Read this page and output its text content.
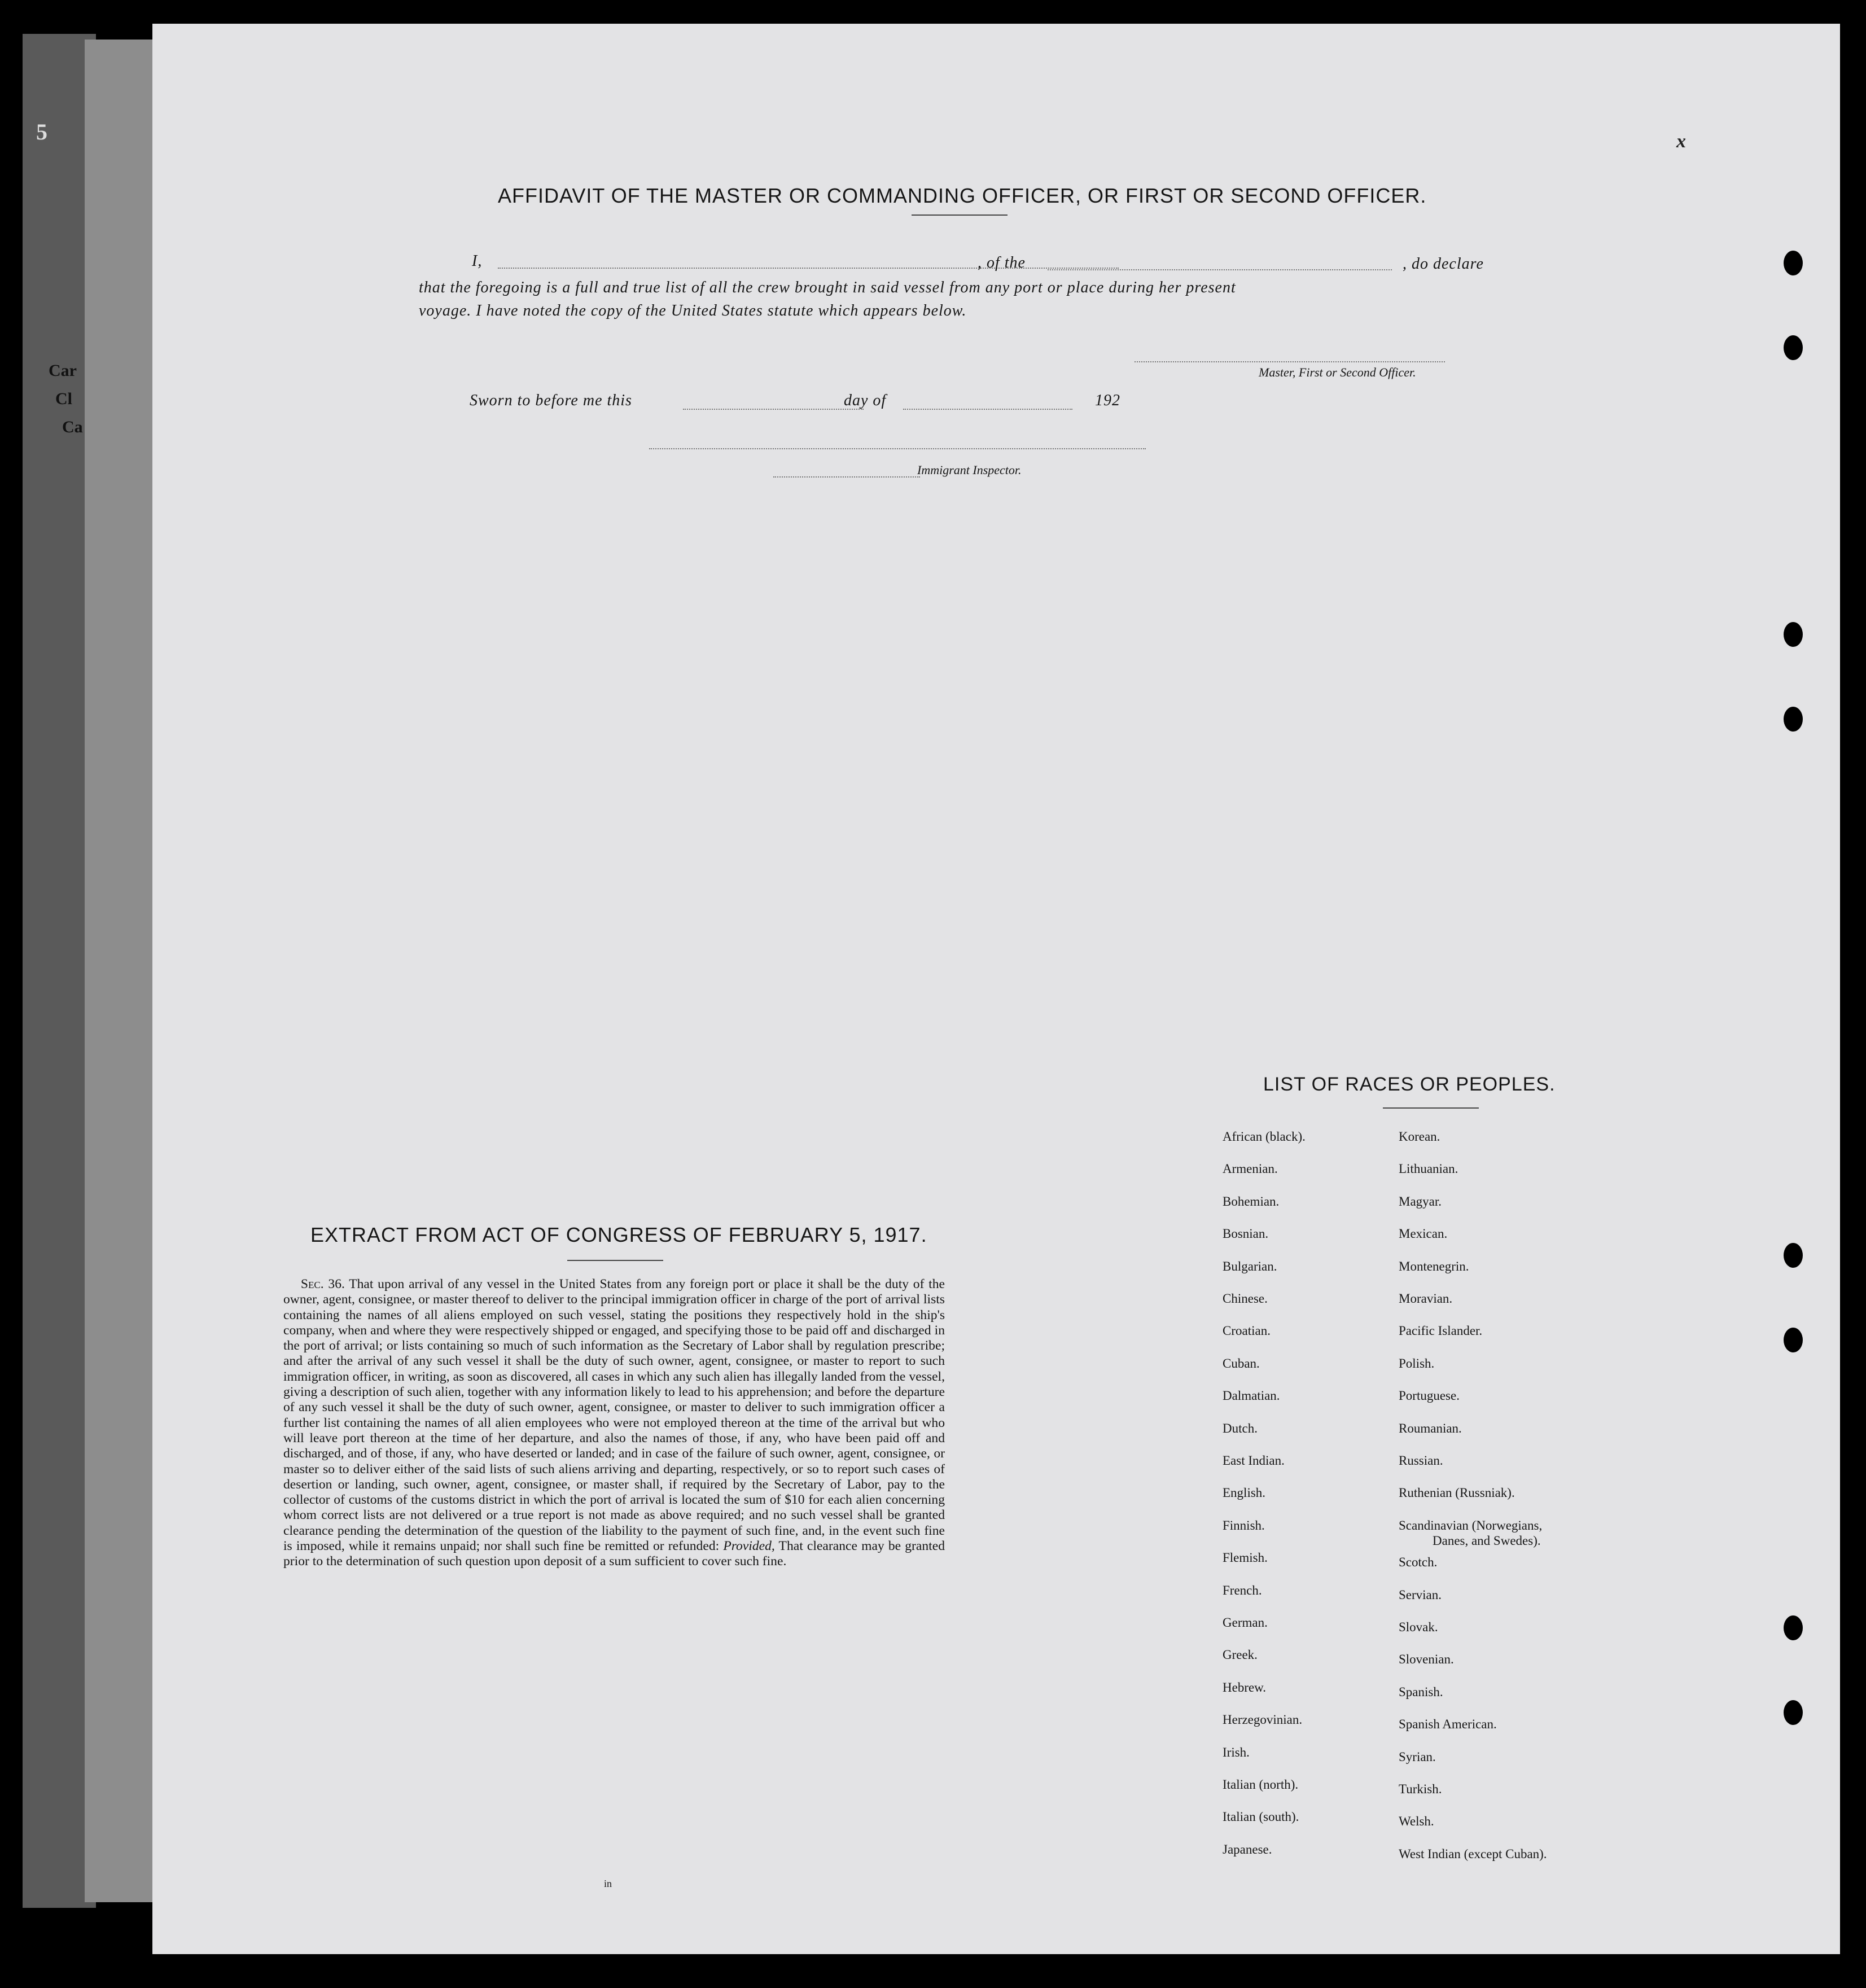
5
Car
Cl
Ca
x
AFFIDAVIT OF THE MASTER OR COMMANDING OFFICER, OR FIRST OR SECOND OFFICER.
I,	, of the	, do declare
that the foregoing is a full and true list of all the crew brought in said vessel from any port or place during her present
voyage. I have noted the copy of the United States statute which appears below.
Master, First or Second Officer.
Sworn to before me this	day of	192
Immigrant Inspector.
EXTRACT FROM ACT OF CONGRESS OF FEBRUARY 5, 1917.
Sec. 36. That upon arrival of any vessel in the United States from any foreign port or place it shall be the duty of the owner, agent, consignee, or master thereof to deliver to the principal immigration officer in charge of the port of arrival lists containing the names of all aliens employed on such vessel, stating the positions they respectively hold in the ship's company, when and where they were respectively shipped or engaged, and specifying those to be paid off and discharged in the port of arrival; or lists containing so much of such information as the Secretary of Labor shall by regulation prescribe; and after the arrival of any such vessel it shall be the duty of such owner, agent, consignee, or master to report to such immigration officer, in writing, as soon as discovered, all cases in which any such alien has illegally landed from the vessel, giving a description of such alien, together with any information likely to lead to his apprehension; and before the departure of any such vessel it shall be the duty of such owner, agent, consignee, or master to deliver to such immigration officer a further list containing the names of all alien employees who were not employed thereon at the time of the arrival but who will leave port thereon at the time of her departure, and also the names of those, if any, who have been paid off and discharged, and of those, if any, who have deserted or landed; and in case of the failure of such owner, agent, consignee, or master so to deliver either of the said lists of such aliens arriving and departing, respectively, or so to report such cases of desertion or landing, such owner, agent, consignee, or master shall, if required by the Secretary of Labor, pay to the collector of customs of the customs district in which the port of arrival is located the sum of $10 for each alien concerning whom correct lists are not delivered or a true report is not made as above required; and no such vessel shall be granted clearance pending the determination of the question of the liability to the payment of such fine, and, in the event such fine is imposed, while it remains unpaid; nor shall such fine be remitted or refunded: Provided, That clearance may be granted prior to the determination of such question upon deposit of a sum sufficient to cover such fine.
in
LIST OF RACES OR PEOPLES.
African (black).
Armenian.
Bohemian.
Bosnian.
Bulgarian.
Chinese.
Croatian.
Cuban.
Dalmatian.
Dutch.
East Indian.
English.
Finnish.
Flemish.
French.
German.
Greek.
Hebrew.
Herzegovinian.
Irish.
Italian (north).
Italian (south).
Japanese.
Korean.
Lithuanian.
Magyar.
Mexican.
Montenegrin.
Moravian.
Pacific Islander.
Polish.
Portuguese.
Roumanian.
Russian.
Ruthenian (Russniak).
Scandinavian (Norwegians,
Danes, and Swedes).
Scotch.
Servian.
Slovak.
Slovenian.
Spanish.
Spanish American.
Syrian.
Turkish.
Welsh.
West Indian (except Cuban).
